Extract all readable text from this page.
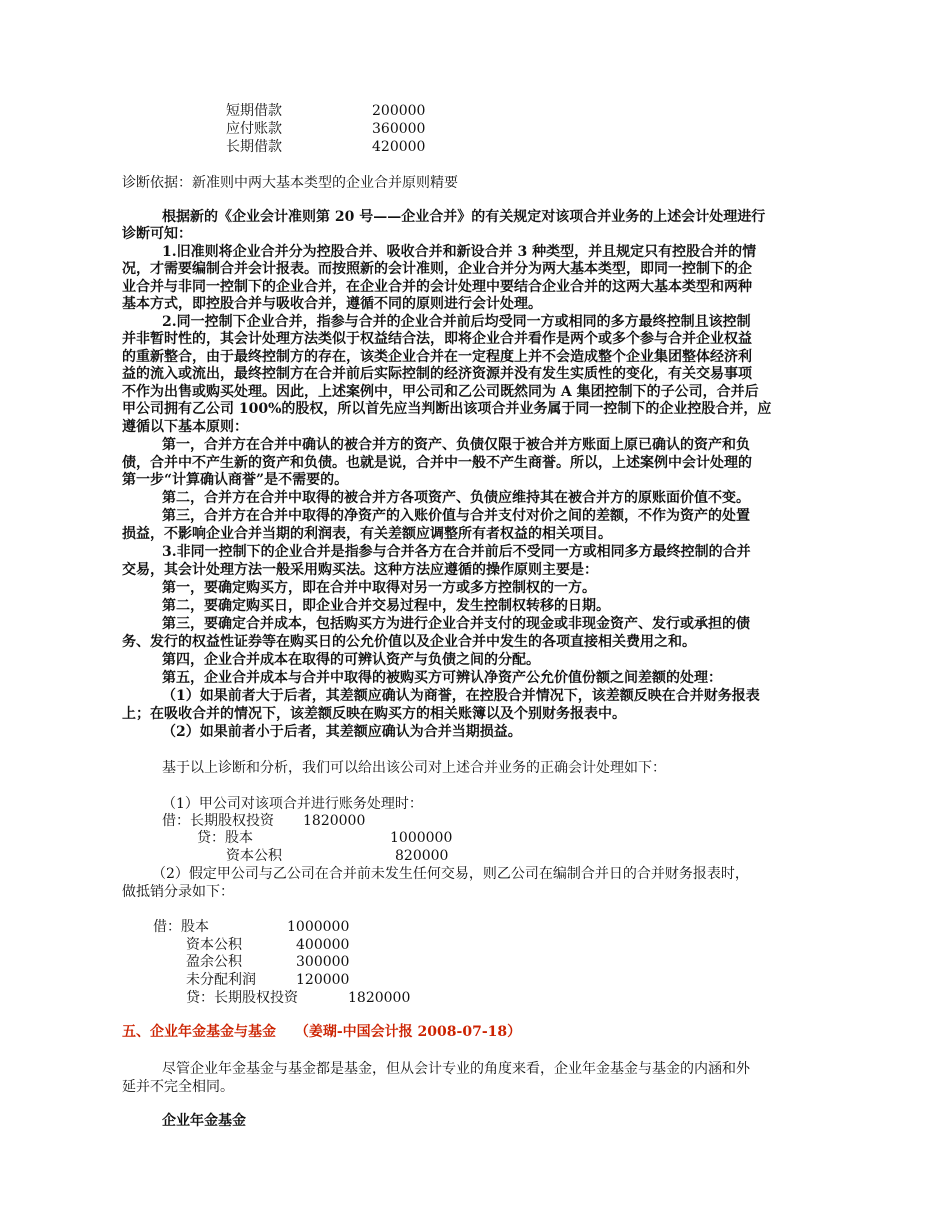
短期借款	200000
应付账款	360000
长期借款	420000
诊断依据：新准则中两大基本类型的企业合并原则精要
根据新的《企业会计准则第 20 号——企业合并》的有关规定对该项合并业务的上述会计处理进行
诊断可知：
1.旧准则将企业合并分为控股合并、吸收合并和新设合并 3 种类型，并且规定只有控股合并的情
况，才需要编制合并会计报表。而按照新的会计准则，企业合并分为两大基本类型，即同一控制下的企
业合并与非同一控制下的企业合并，在企业合并的会计处理中要结合企业合并的这两大基本类型和两种
基本方式，即控股合并与吸收合并，遵循不同的原则进行会计处理。
2.同一控制下企业合并，指参与合并的企业合并前后均受同一方或相同的多方最终控制且该控制
并非暂时性的，其会计处理方法类似于权益结合法，即将企业合并看作是两个或多个参与合并企业权益
的重新整合，由于最终控制方的存在，该类企业合并在一定程度上并不会造成整个企业集团整体经济利
益的流入或流出，最终控制方在合并前后实际控制的经济资源并没有发生实质性的变化，有关交易事项
不作为出售或购买处理。因此，上述案例中，甲公司和乙公司既然同为 A 集团控制下的子公司，合并后
甲公司拥有乙公司 100%的股权，所以首先应当判断出该项合并业务属于同一控制下的企业控股合并，应
遵循以下基本原则：
第一，合并方在合并中确认的被合并方的资产、负债仅限于被合并方账面上原已确认的资产和负
债，合并中不产生新的资产和负债。也就是说，合并中一般不产生商誉。所以，上述案例中会计处理的
第一步“计算确认商誉”是不需要的。
第二，合并方在合并中取得的被合并方各项资产、负债应维持其在被合并方的原账面价值不变。
第三，合并方在合并中取得的净资产的入账价值与合并支付对价之间的差额，不作为资产的处置
损益，不影响企业合并当期的利润表，有关差额应调整所有者权益的相关项目。
3.非同一控制下的企业合并是指参与合并各方在合并前后不受同一方或相同多方最终控制的合并
交易，其会计处理方法一般采用购买法。这种方法应遵循的操作原则主要是：
第一，要确定购买方，即在合并中取得对另一方或多方控制权的一方。
第二，要确定购买日，即企业合并交易过程中，发生控制权转移的日期。
第三，要确定合并成本，包括购买方为进行企业合并支付的现金或非现金资产、发行或承担的债
务、发行的权益性证券等在购买日的公允价值以及企业合并中发生的各项直接相关费用之和。
第四，企业合并成本在取得的可辨认资产与负债之间的分配。
第五，企业合并成本与合并中取得的被购买方可辨认净资产公允价值份额之间差额的处理：
（1）如果前者大于后者，其差额应确认为商誉，在控股合并情况下，该差额反映在合并财务报表
上；在吸收合并的情况下，该差额反映在购买方的相关账簿以及个别财务报表中。
（2）如果前者小于后者，其差额应确认为合并当期损益。
基于以上诊断和分析，我们可以给出该公司对上述合并业务的正确会计处理如下：
（1）甲公司对该项合并进行账务处理时：
借：长期股权投资 1820000
贷：股本	1000000
资本公积	820000
（2）假定甲公司与乙公司在合并前未发生任何交易，则乙公司在编制合并日的合并财务报表时，
做抵销分录如下：
借：股本	1000000
资本公积	400000
盈余公积	300000
未分配利润	120000
贷：长期股权投资	1820000
五、企业年金基金与基金 （姜瑚-中国会计报 2008-07-18）
尽管企业年金基金与基金都是基金，但从会计专业的角度来看，企业年金基金与基金的内涵和外
延并不完全相同。
企业年金基金
